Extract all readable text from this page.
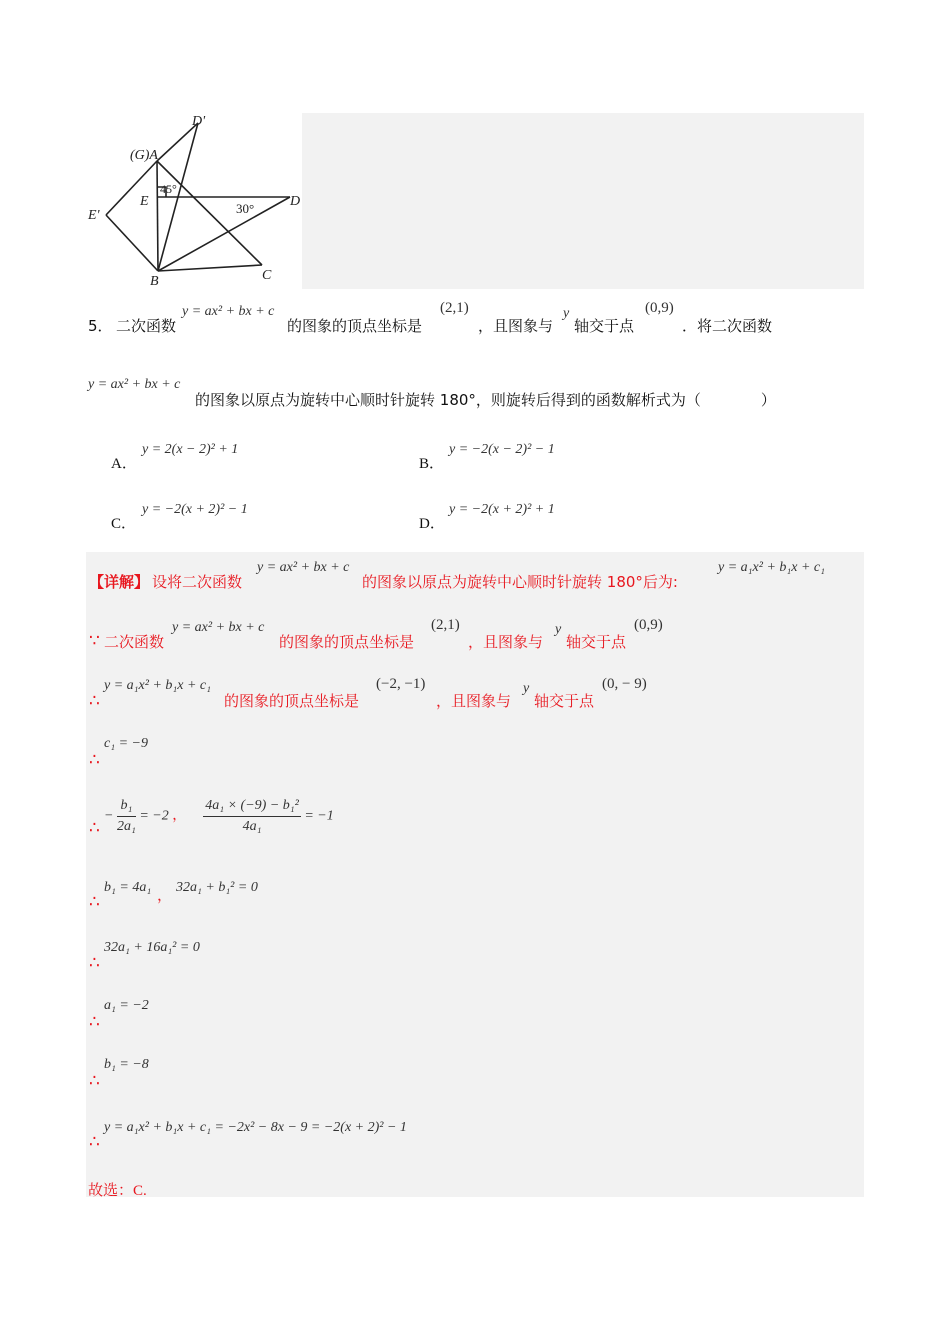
D'
(G)A
E
45°
D
30°
E'
B	C
5． 二次函数
y = ax² + bx + c
的图象的顶点坐标是
(2,1)
，且图象与
y
轴交于点
(0,9)
．将二次函数
y = ax² + bx + c
的图象以原点为旋转中心顺时针旋转 180°，则旋转后得到的函数解析式为（　　　　）
A．
y = 2(x − 2)² + 1
B．
y = −2(x − 2)² − 1
C．
y = −2(x + 2)² − 1
D．
y = −2(x + 2)² + 1
【详解】 设将二次函数
y = ax² + bx + c
的图象以原点为旋转中心顺时针旋转 180°后为:
y = a₁x² + b₁x + c₁
∵ 二次函数
y = ax² + bx + c
的图象的顶点坐标是
(2,1)
，且图象与
y
轴交于点
(0,9)
∴
y = a₁x² + b₁x + c₁
的图象的顶点坐标是
(−2, −1)
，且图象与
y
轴交于点
(0, − 9)
∴
c₁ = −9
∴
− $\frac{\text{b₁}}{\text{2a₁}} = -2$ ， $\frac{\text{4a₁ × (−9) − b₁²}}{\text{4a₁}} = -1$
∴
b₁ = 4a₁ ， 32a₁ + b₁² = 0
∴
32a₁ + 16a₁² = 0
∴
a₁ = −2
∴
b₁ = −8
∴
y = a₁x² + b₁x + c₁ = −2x² − 8x − 9 = −2(x + 2)² − 1
故选：C.
